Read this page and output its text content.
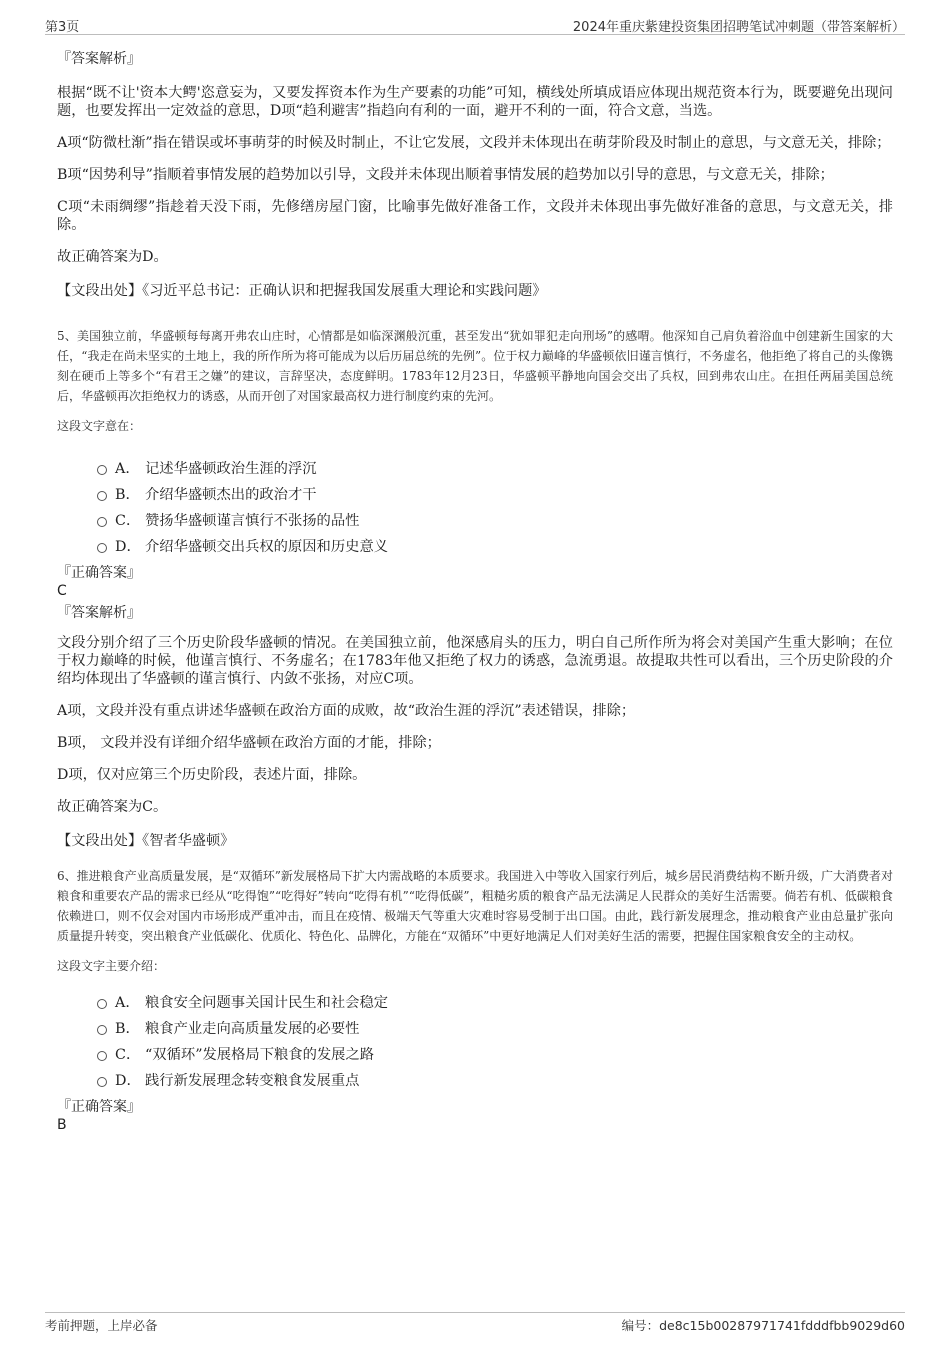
第3页	2024年重庆紫建投资集团招聘笔试冲刺题（带答案解析）

『答案解析』

根据“既不让'资本大鳄'恣意妄为，又要发挥资本作为生产要素的功能”可知，横线处所填成语应体现出规范资本行为，既要避免出现问题，也要发挥出一定效益的意思，D项“趋利避害”指趋向有利的一面，避开不利的一面，符合文意，当选。

A项“防微杜渐”指在错误或坏事萌芽的时候及时制止，不让它发展，文段并未体现出在萌芽阶段及时制止的意思，与文意无关，排除；

B项“因势利导”指顺着事情发展的趋势加以引导，文段并未体现出顺着事情发展的趋势加以引导的意思，与文意无关，排除；

C项“未雨绸缪”指趁着天没下雨，先修缮房屋门窗，比喻事先做好准备工作，文段并未体现出事先做好准备的意思，与文意无关，排除。

故正确答案为D。

【文段出处】《习近平总书记：正确认识和把握我国发展重大理论和实践问题》

5、美国独立前，华盛顿每每离开弗农山庄时，心情都是如临深渊般沉重，甚至发出“犹如罪犯走向刑场”的感喟。他深知自己肩负着浴血中创建新生国家的大任，“我走在尚未坚实的土地上，我的所作所为将可能成为以后历届总统的先例”。位于权力巅峰的华盛顿依旧谨言慎行，不务虚名，他拒绝了将自己的头像镌刻在硬币上等多个“有君王之嫌”的建议，言辞坚决，态度鲜明。1783年12月23日，华盛顿平静地向国会交出了兵权，回到弗农山庄。在担任两届美国总统后，华盛顿再次拒绝权力的诱惑，从而开创了对国家最高权力进行制度约束的先河。

这段文字意在：

A． 记述华盛顿政治生涯的浮沉
B． 介绍华盛顿杰出的政治才干
C． 赞扬华盛顿谨言慎行不张扬的品性
D． 介绍华盛顿交出兵权的原因和历史意义

『正确答案』

C

『答案解析』

文段分别介绍了三个历史阶段华盛顿的情况。在美国独立前，他深感肩头的压力，明白自己所作所为将会对美国产生重大影响；在位于权力巅峰的时候，他谨言慎行、不务虚名；在1783年他又拒绝了权力的诱惑，急流勇退。故提取共性可以看出，三个历史阶段的介绍均体现出了华盛顿的谨言慎行、内敛不张扬，对应C项。

A项，文段并没有重点讲述华盛顿在政治方面的成败，故“政治生涯的浮沉”表述错误，排除；

B项， 文段并没有详细介绍华盛顿在政治方面的才能，排除；

D项，仅对应第三个历史阶段，表述片面，排除。

故正确答案为C。

【文段出处】《智者华盛顿》

6、推进粮食产业高质量发展，是“双循环”新发展格局下扩大内需战略的本质要求。我国进入中等收入国家行列后，城乡居民消费结构不断升级，广大消费者对粮食和重要农产品的需求已经从“吃得饱”“吃得好”转向“吃得有机”“吃得低碳”，粗糙劣质的粮食产品无法满足人民群众的美好生活需要。倘若有机、低碳粮食依赖进口，则不仅会对国内市场形成严重冲击，而且在疫情、极端天气等重大灾难时容易受制于出口国。由此，践行新发展理念，推动粮食产业由总量扩张向质量提升转变，突出粮食产业低碳化、优质化、特色化、品牌化，方能在“双循环”中更好地满足人们对美好生活的需要，把握住国家粮食安全的主动权。

这段文字主要介绍：

A． 粮食安全问题事关国计民生和社会稳定
B． 粮食产业走向高质量发展的必要性
C． “双循环”发展格局下粮食的发展之路
D． 践行新发展理念转变粮食发展重点

『正确答案』

B

考前押题，上岸必备	编号：de8c15b00287971741fdddfbb9029d60
